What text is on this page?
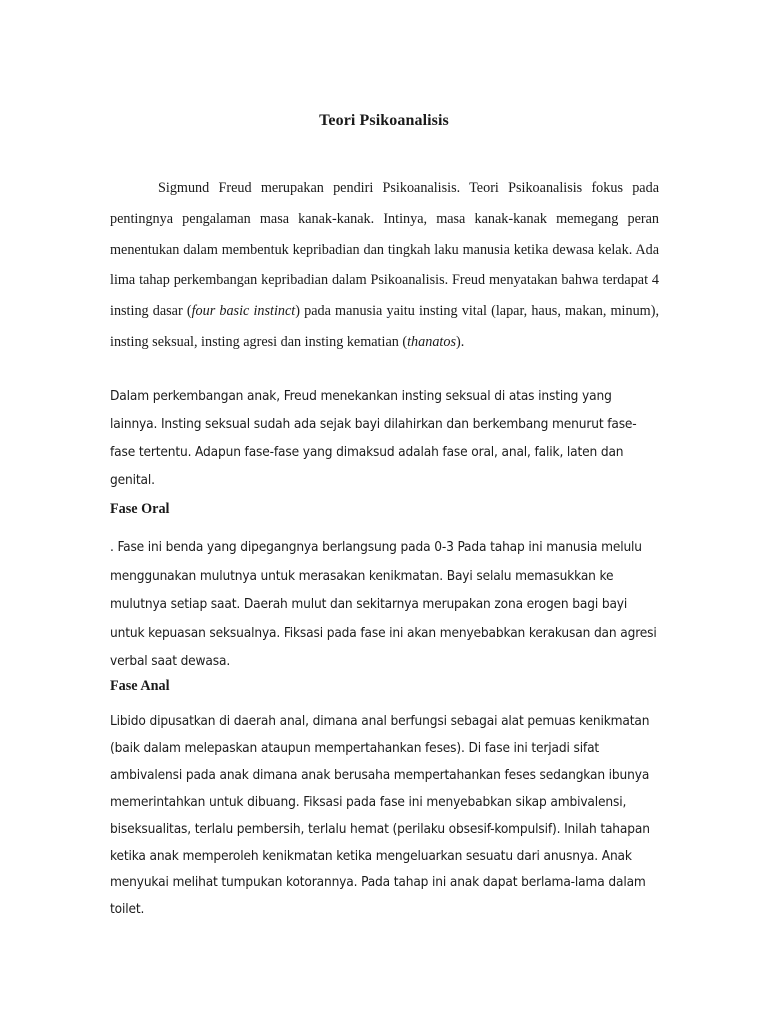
Teori Psikoanalisis
Sigmund Freud merupakan pendiri Psikoanalisis. Teori Psikoanalisis fokus pada pentingnya pengalaman masa kanak-kanak. Intinya, masa kanak-kanak memegang peran menentukan dalam membentuk kepribadian dan tingkah laku manusia ketika dewasa kelak. Ada lima tahap perkembangan kepribadian dalam Psikoanalisis. Freud menyatakan bahwa terdapat 4 insting dasar (four basic instinct) pada manusia yaitu insting vital (lapar, haus, makan, minum), insting seksual, insting agresi dan insting kematian (thanatos).
Dalam perkembangan anak, Freud menekankan insting seksual di atas insting yang lainnya. Insting seksual sudah ada sejak bayi dilahirkan dan berkembang menurut fase-fase tertentu. Adapun fase-fase yang dimaksud adalah fase oral, anal, falik, laten dan genital.
Fase Oral
. Fase ini benda yang dipegangnya berlangsung pada 0-3 Pada tahap ini manusia melulu menggunakan mulutnya untuk merasakan kenikmatan. Bayi selalu memasukkan ke mulutnya setiap saat. Daerah mulut dan sekitarnya merupakan zona erogen bagi bayi untuk kepuasan seksualnya. Fiksasi pada fase ini akan menyebabkan kerakusan dan agresi verbal saat dewasa.
Fase Anal
Libido dipusatkan di daerah anal, dimana anal berfungsi sebagai alat pemuas kenikmatan (baik dalam melepaskan ataupun mempertahankan feses). Di fase ini terjadi sifat ambivalensi pada anak dimana anak berusaha mempertahankan feses sedangkan ibunya memerintahkan untuk dibuang. Fiksasi pada fase ini menyebabkan sikap ambivalensi, biseksualitas, terlalu pembersih, terlalu hemat (perilaku obsesif-kompulsif). Inilah tahapan ketika anak memperoleh kenikmatan ketika mengeluarkan sesuatu dari anusnya. Anak menyukai melihat tumpukan kotorannya. Pada tahap ini anak dapat berlama-lama dalam toilet.
